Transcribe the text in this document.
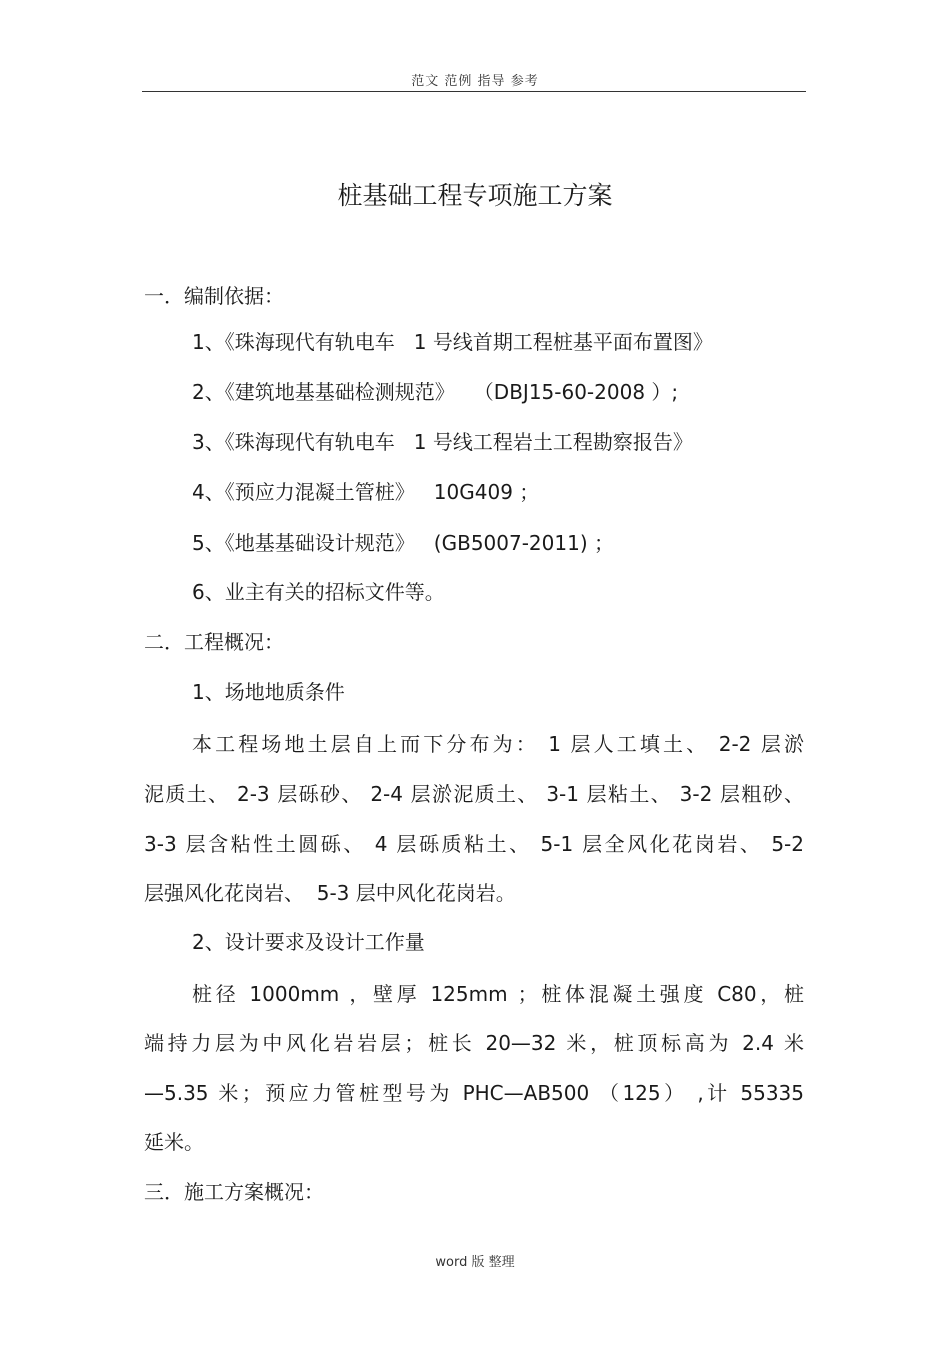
范文 范例 指导 参考
桩基础工程专项施工方案
一．编制依据：
1、《珠海现代有轨电车   1 号线首期工程桩基平面布置图》
2、《建筑地基基础检测规范》   （DBJ15-60-2008 ）;
3、《珠海现代有轨电车   1 号线工程岩土工程勘察报告》
4、《预应力混凝土管桩》   10G409 ；
5、《地基基础设计规范》   (GB5007-2011) ；
6、业主有关的招标文件等。
二．工程概况：
1、场地地质条件
本工程场地土层自上而下分布为： 1 层人工填土、 2-2 层淤
泥质土、 2-3 层砾砂、 2-4 层淤泥质土、 3-1 层粘土、 3-2 层粗砂、
3-3 层含粘性土圆砾、 4 层砾质粘土、 5-1 层全风化花岗岩、 5-2
层强风化花岗岩、  5-3 层中风化花岗岩。
2、设计要求及设计工作量
桩径 1000mm ，壁厚 125mm ；桩体混凝土强度 C80，桩
端持力层为中风化岩岩层；桩长 20—32 米，桩顶标高为 2.4 米
—5.35 米；预应力管桩型号为 PHC—AB500 （125） ,计 55335
延米。
三．施工方案概况：
word 版 整理
